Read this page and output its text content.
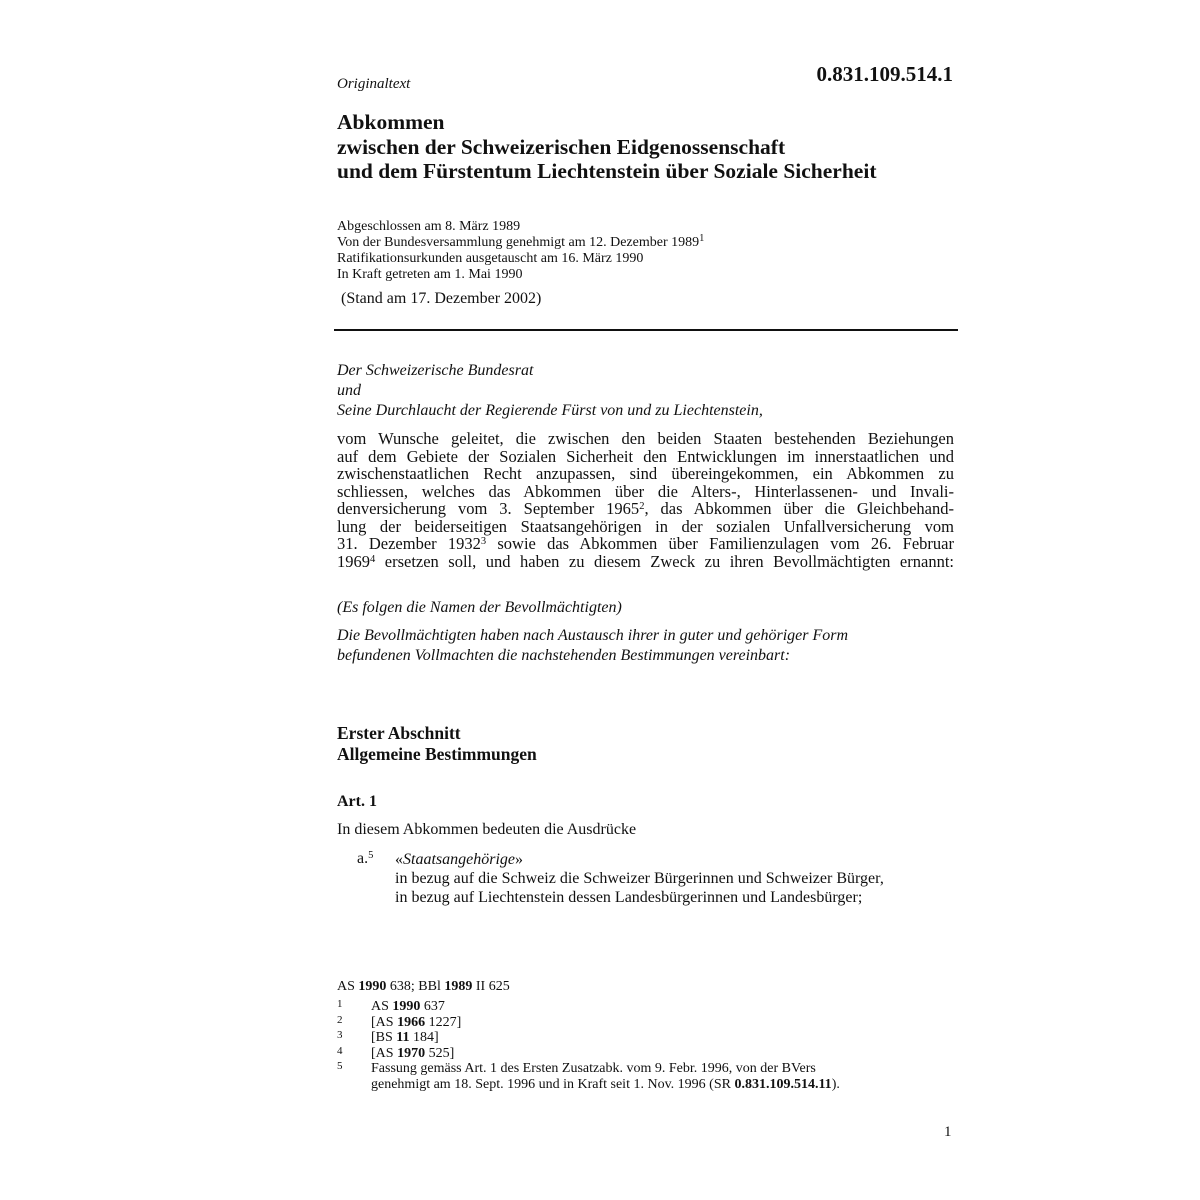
Originaltext	0.831.109.514.1
Abkommen
zwischen der Schweizerischen Eidgenossenschaft
und dem Fürstentum Liechtenstein über Soziale Sicherheit
Abgeschlossen am 8. März 1989
Von der Bundesversammlung genehmigt am 12. Dezember 1989$^1$
Ratifikationsurkunden ausgetauscht am 16. März 1990
In Kraft getreten am 1. Mai 1990
(Stand am 17. Dezember 2002)
Der Schweizerische Bundesrat
und
Seine Durchlaucht der Regierende Fürst von und zu Liechtenstein,
vom Wunsche geleitet, die zwischen den beiden Staaten bestehenden Beziehungen
auf dem Gebiete der Sozialen Sicherheit den Entwicklungen im innerstaatlichen und
zwischenstaatlichen Recht anzupassen, sind übereingekommen, ein Abkommen zu
schliessen, welches das Abkommen über die Alters-, Hinterlassenen- und Invali-
denversicherung vom 3. September 1965$^2$, das Abkommen über die Gleichbehand-
lung der beiderseitigen Staatsangehörigen in der sozialen Unfallversicherung vom
31. Dezember 1932$^3$ sowie das Abkommen über Familienzulagen vom 26. Februar
1969$^4$ ersetzen soll, und haben zu diesem Zweck zu ihren Bevollmächtigten ernannt:
(Es folgen die Namen der Bevollmächtigten)
Die Bevollmächtigten haben nach Austausch ihrer in guter und gehöriger Form
befundenen Vollmachten die nachstehenden Bestimmungen vereinbart:
Erster Abschnitt
Allgemeine Bestimmungen
Art. 1
In diesem Abkommen bedeuten die Ausdrücke
a.$^5$ «Staatsangehörige»
in bezug auf die Schweiz die Schweizer Bürgerinnen und Schweizer Bürger,
in bezug auf Liechtenstein dessen Landesbürgerinnen und Landesbürger;
AS 1990 638; BBl 1989 II 625
1 AS 1990 637
2 [AS 1966 1227]
3 [BS 11 184]
4 [AS 1970 525]
5 Fassung gemäss Art. 1 des Ersten Zusatzabk. vom 9. Febr. 1996, von der BVers
genehmigt am 18. Sept. 1996 und in Kraft seit 1. Nov. 1996 (SR 0.831.109.514.11).
1
